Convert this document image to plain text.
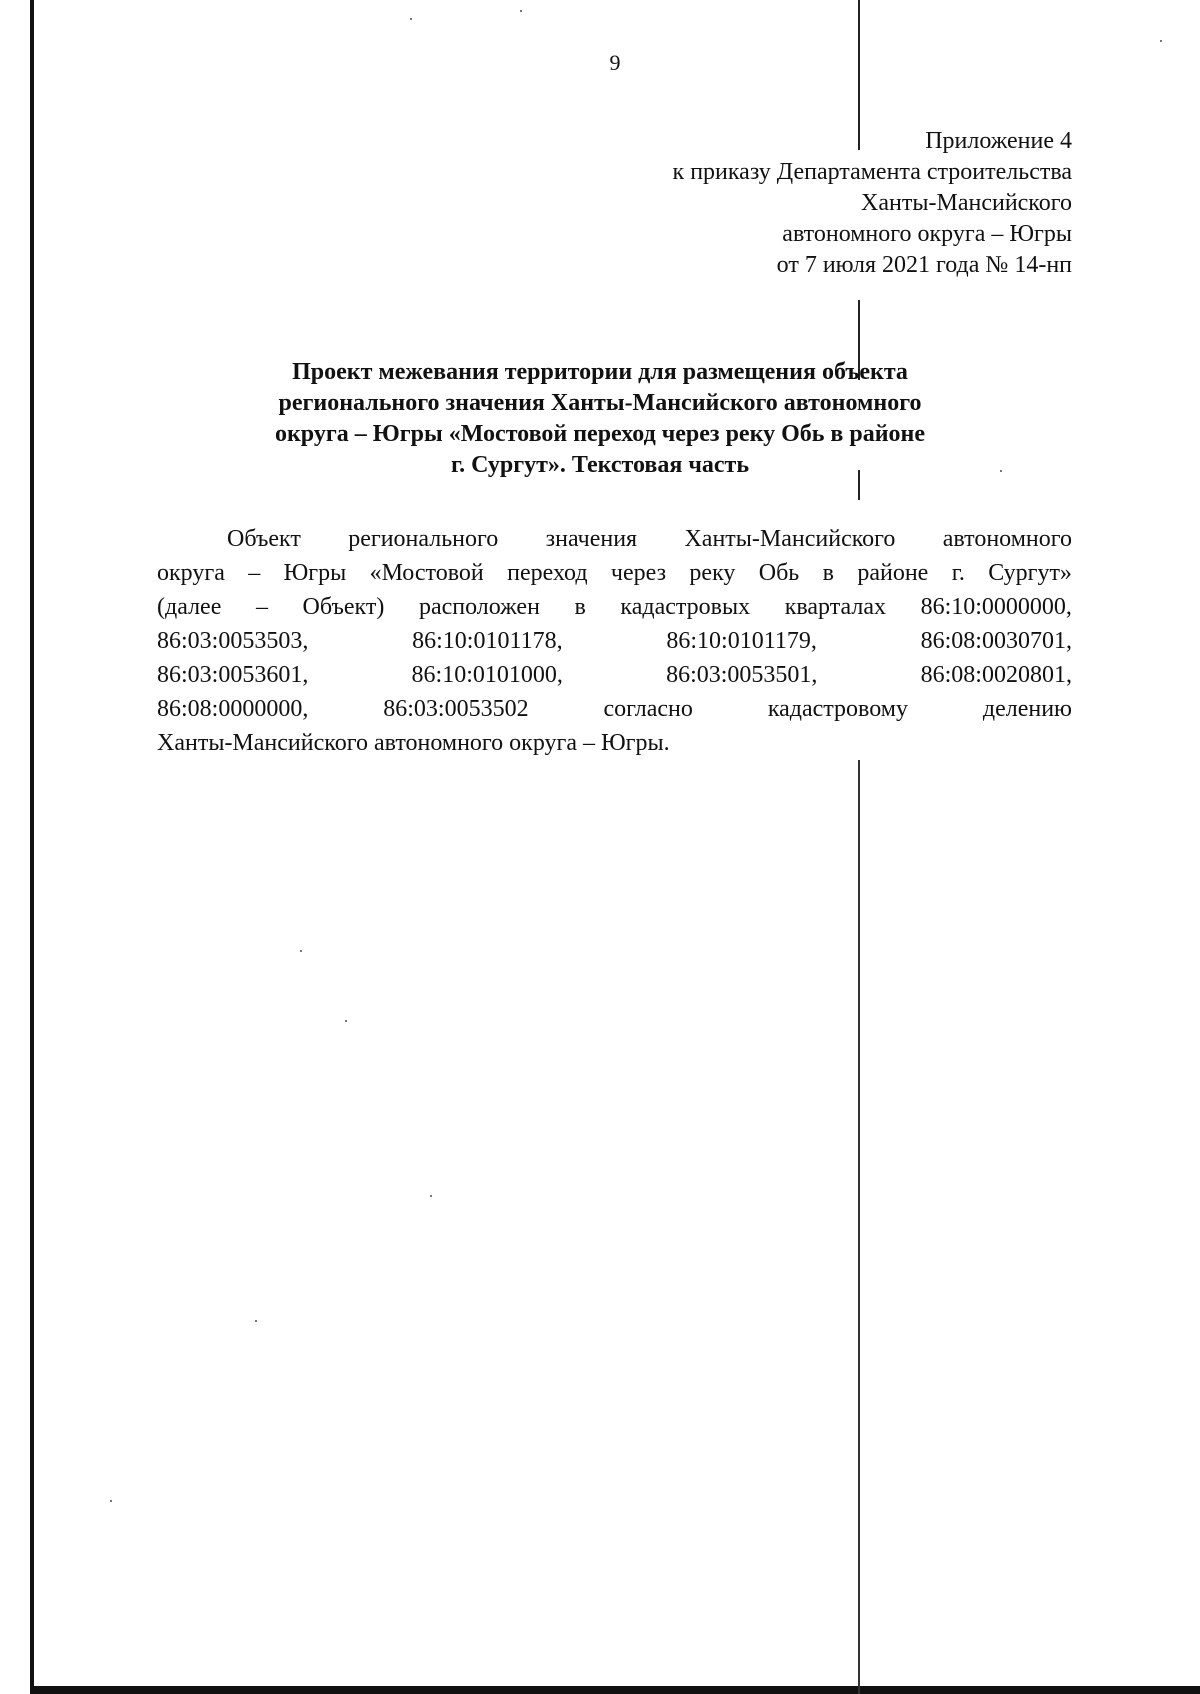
9
Приложение 4
к приказу Департамента строительства
Ханты-Мансийского
автономного округа – Югры
от 7 июля 2021 года № 14-нп
Проект межевания территории для размещения объекта
регионального значения Ханты-Мансийского автономного
округа – Югры «Мостовой переход через реку Обь в районе
г. Сургут». Текстовая часть
Объект регионального значения Ханты-Мансийского автономного
округа – Югры «Мостовой переход через реку Обь в районе г. Сургут»
(далее – Объект) расположен в кадастровых кварталах 86:10:0000000,
86:03:0053503,	86:10:0101178,	86:10:0101179,	86:08:0030701,
86:03:0053601,	86:10:0101000,	86:03:0053501,	86:08:0020801,
86:08:0000000,	86:03:0053502	согласно	кадастровому	делению
Ханты-Мансийского автономного округа – Югры.
